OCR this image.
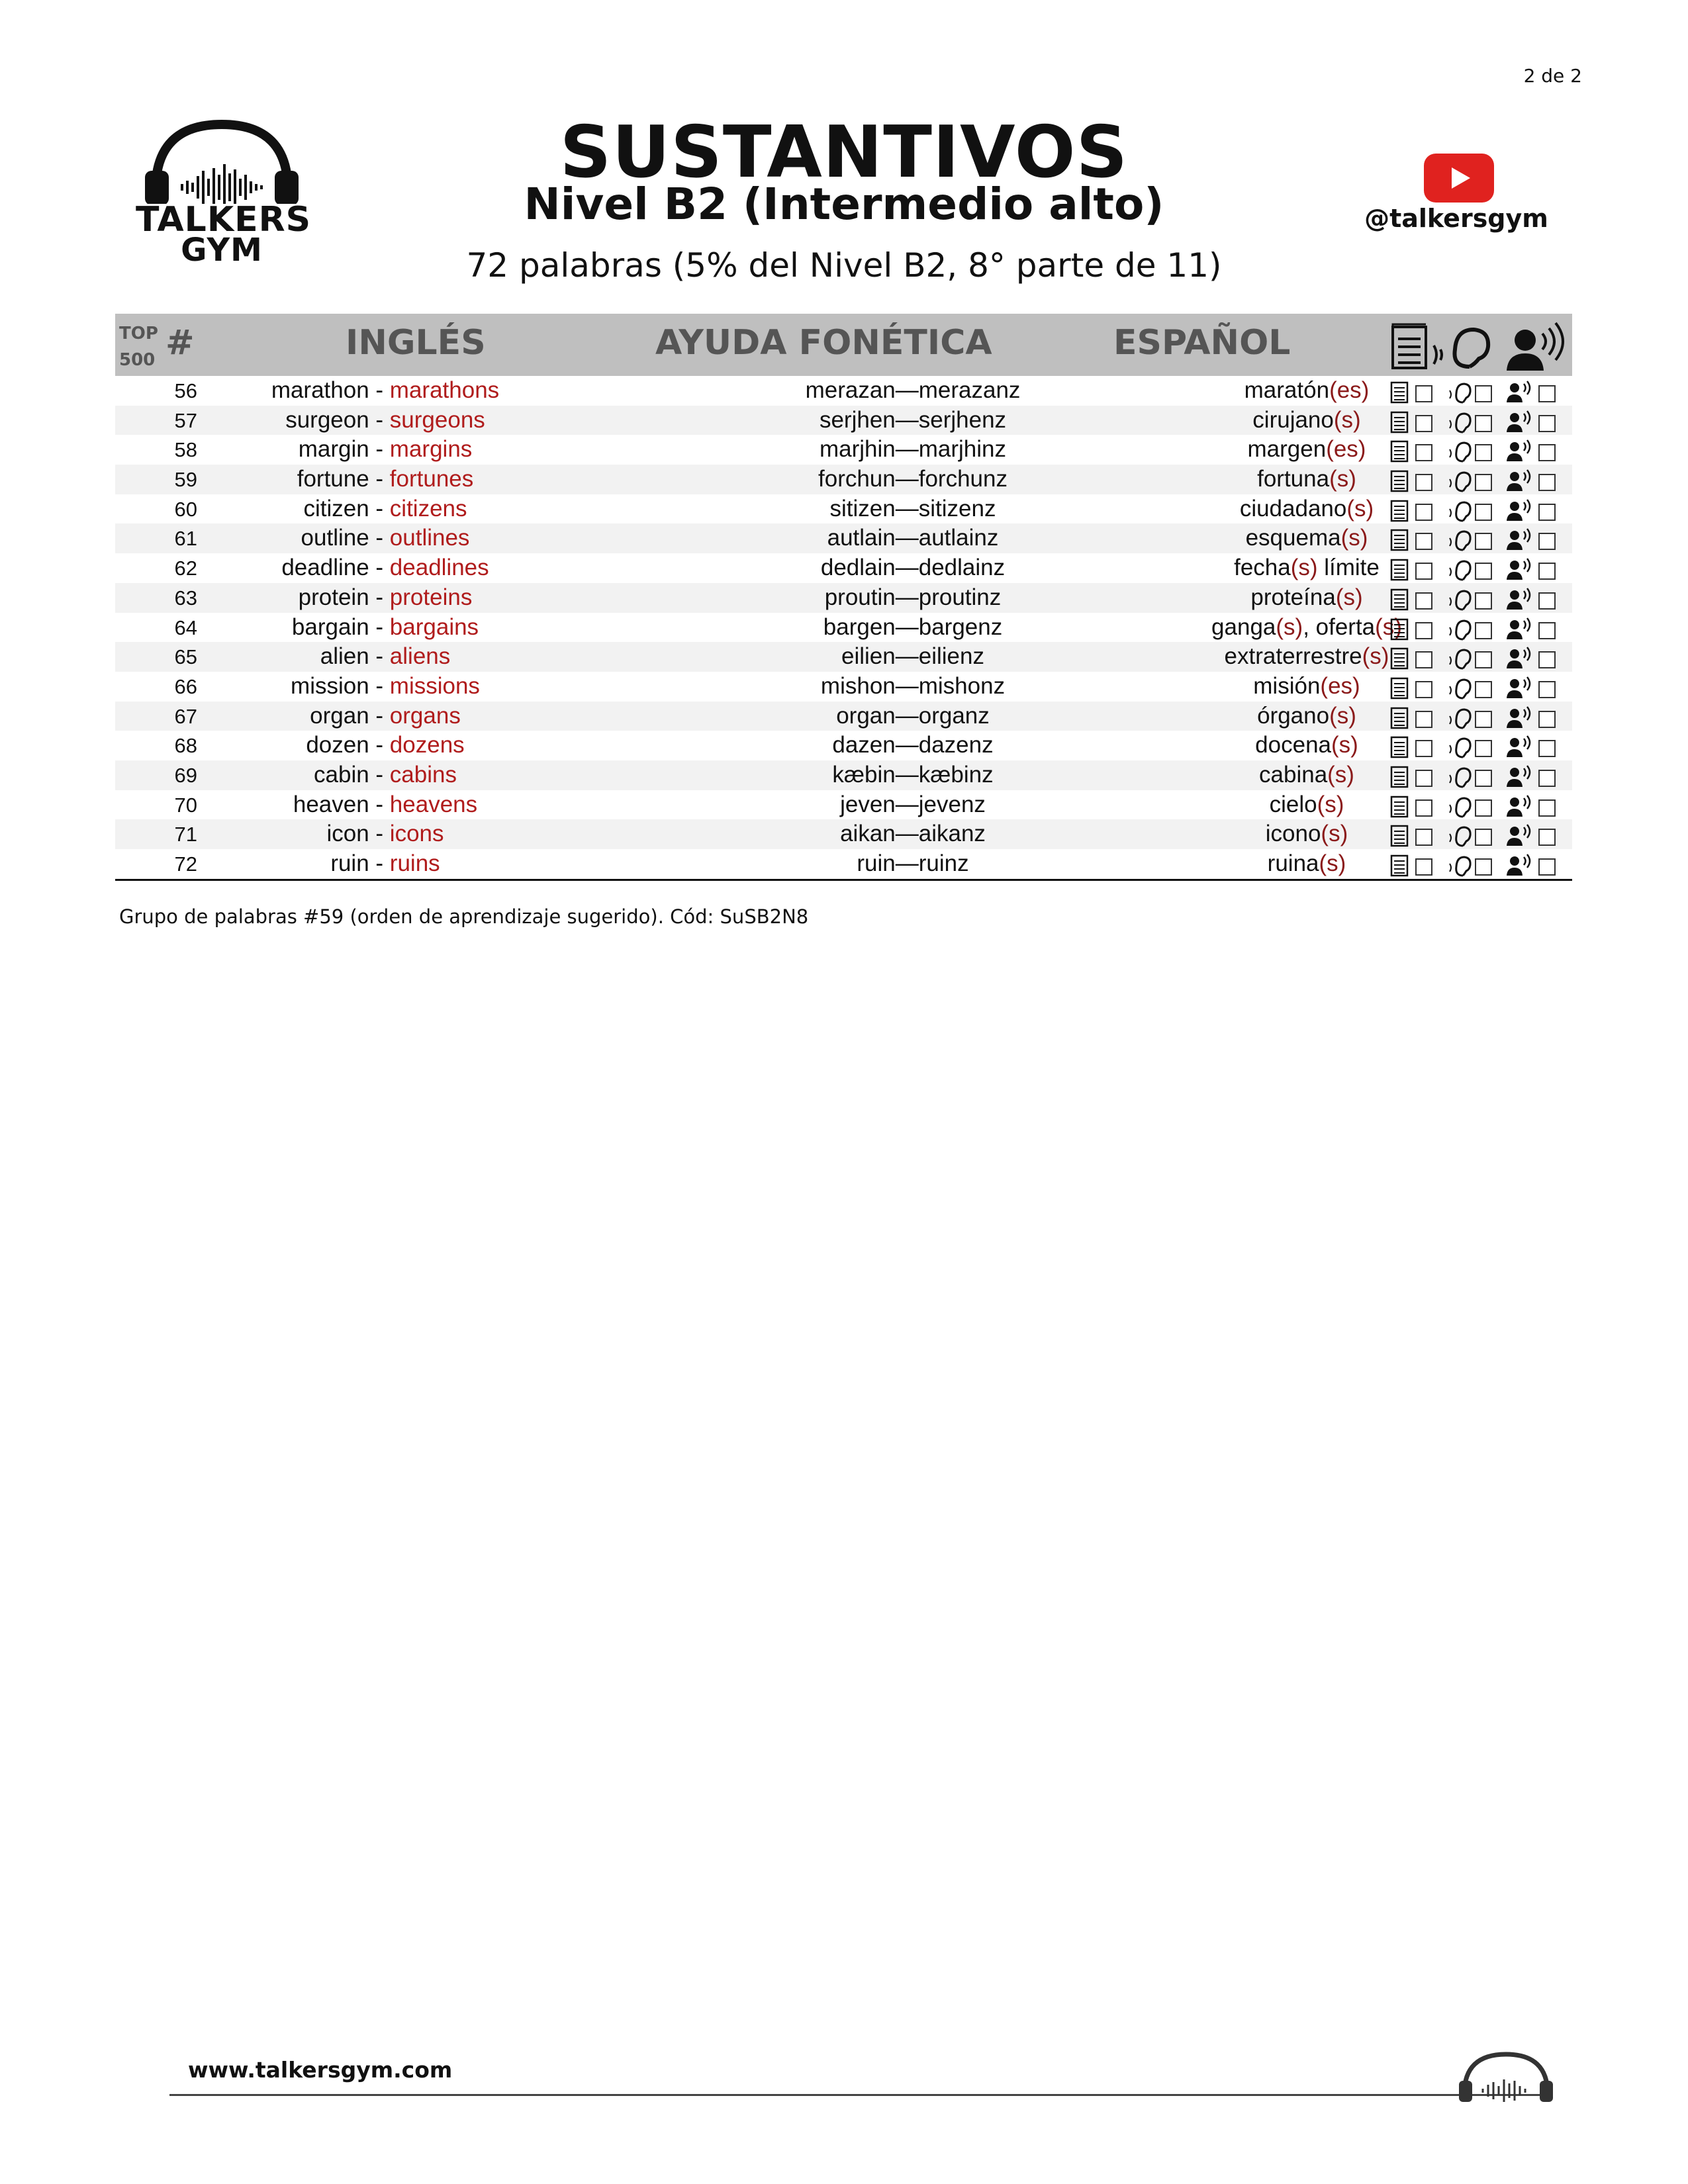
2 de 2
TALKERS
GYM
SUSTANTIVOS
Nivel B2 (Intermedio alto)
72 palabras (5% del Nivel B2, 8° parte de 11)
@talkersgym
TOP
500 #	INGLÉS	AYUDA FONÉTICA	ESPAÑOL
56	marathon - marathons	merazan—merazanz	maratón(es)
57	surgeon - surgeons	serjhen—serjhenz	cirujano(s)
58	margin - margins	marjhin—marjhinz	margen(es)
59	fortune - fortunes	forchun—forchunz	fortuna(s)
60	citizen - citizens	sitizen—sitizenz	ciudadano(s)
61	outline - outlines	autlain—autlainz	esquema(s)
62	deadline - deadlines	dedlain—dedlainz	fecha(s) límite
63	protein - proteins	proutin—proutinz	proteína(s)
64	bargain - bargains	bargen—bargenz	ganga(s), oferta(s)
65	alien - aliens	eilien—eilienz	extraterrestre(s)
66	mission - missions	mishon—mishonz	misión(es)
67	organ - organs	organ—organz	órgano(s)
68	dozen - dozens	dazen—dazenz	docena(s)
69	cabin - cabins	kæbin—kæbinz	cabina(s)
70	heaven - heavens	jeven—jevenz	cielo(s)
71	icon - icons	aikan—aikanz	icono(s)
72	ruin - ruins	ruin—ruinz	ruina(s)
Grupo de palabras #59 (orden de aprendizaje sugerido). Cód: SuSB2N8
www.talkersgym.com
